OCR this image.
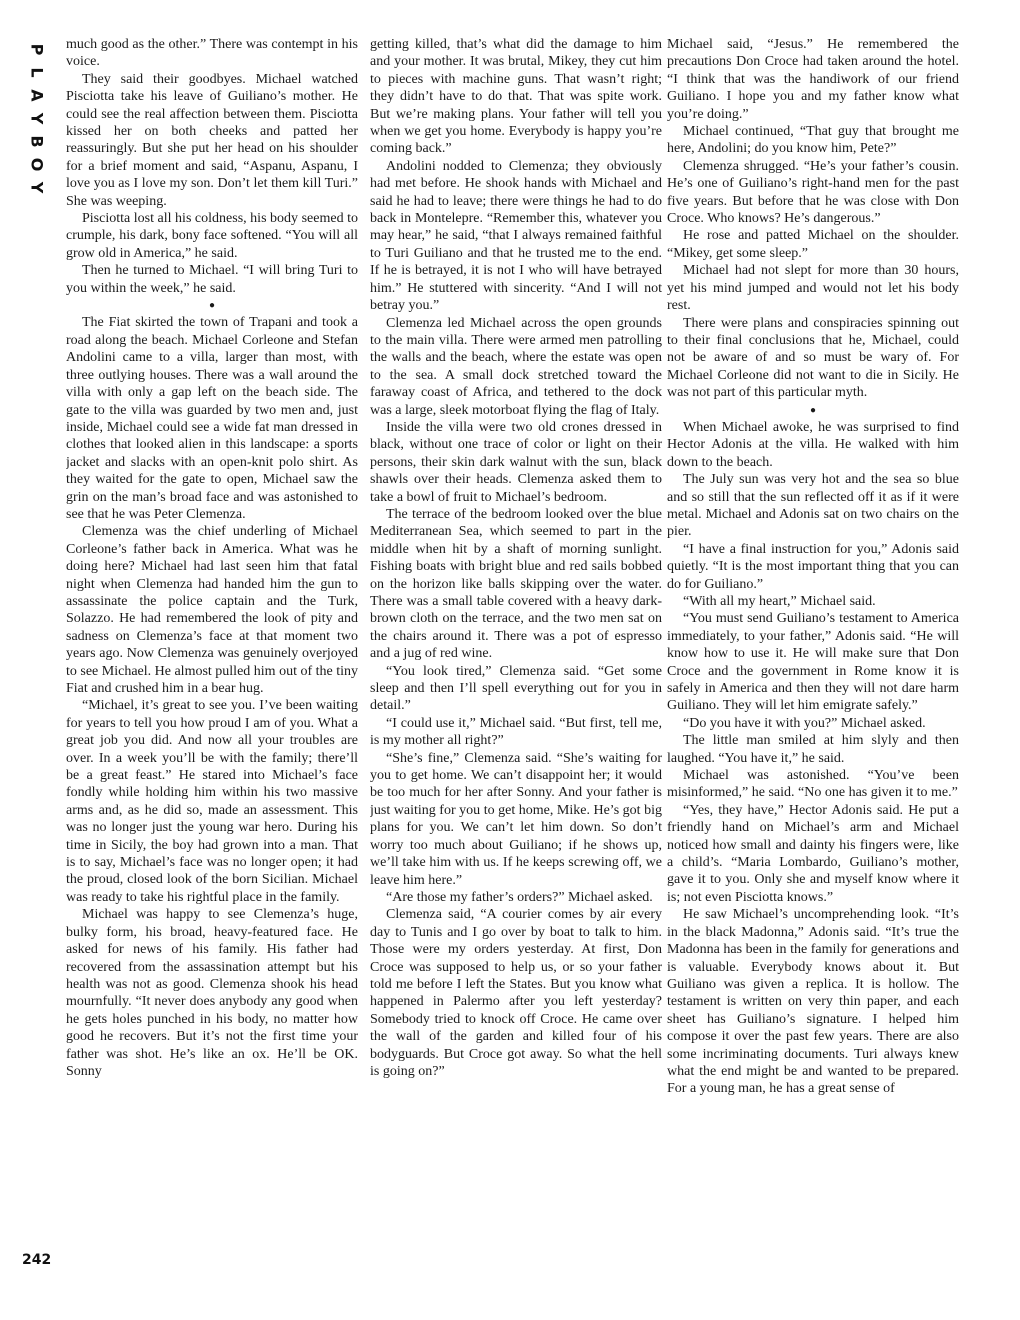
P
L
A
Y
B
O
Y
242

much good as the other.” There was contempt in his voice.

They said their goodbyes. Michael watched Pisciotta take his leave of Guiliano’s mother. He could see the real affection between them. Pisciotta kissed her on both cheeks and patted her reassuringly. But she put her head on his shoulder for a brief moment and said, “Aspanu, Aspanu, I love you as I love my son. Don’t let them kill Turi.” She was weeping.

Pisciotta lost all his coldness, his body seemed to crumple, his dark, bony face softened. “You will all grow old in America,” he said.

Then he turned to Michael. “I will bring Turi to you within the week,” he said.

●

The Fiat skirted the town of Trapani and took a road along the beach. Michael Corleone and Stefan Andolini came to a villa, larger than most, with three outlying houses. There was a wall around the villa with only a gap left on the beach side. The gate to the villa was guarded by two men and, just inside, Michael could see a wide fat man dressed in clothes that looked alien in this landscape: a sports jacket and slacks with an open-knit polo shirt. As they waited for the gate to open, Michael saw the grin on the man’s broad face and was astonished to see that he was Peter Clemenza.

Clemenza was the chief underling of Michael Corleone’s father back in America. What was he doing here? Michael had last seen him that fatal night when Clemenza had handed him the gun to assassinate the police captain and the Turk, Solazzo. He had remembered the look of pity and sadness on Clemenza’s face at that moment two years ago. Now Clemenza was genuinely overjoyed to see Michael. He almost pulled him out of the tiny Fiat and crushed him in a bear hug.

“Michael, it’s great to see you. I’ve been waiting for years to tell you how proud I am of you. What a great job you did. And now all your troubles are over. In a week you’ll be with the family; there’ll be a great feast.” He stared into Michael’s face fondly while holding him within his two massive arms and, as he did so, made an assessment. This was no longer just the young war hero. During his time in Sicily, the boy had grown into a man. That is to say, Michael’s face was no longer open; it had the proud, closed look of the born Sicilian. Michael was ready to take his rightful place in the family.

Michael was happy to see Clemenza’s huge, bulky form, his broad, heavy-featured face. He asked for news of his family. His father had recovered from the assassination attempt but his health was not as good. Clemenza shook his head mournfully. “It never does anybody any good when he gets holes punched in his body, no matter how good he recovers. But it’s not the first time your father was shot. He’s like an ox. He’ll be OK. Sonny

getting killed, that’s what did the damage to him and your mother. It was brutal, Mikey, they cut him to pieces with machine guns. That wasn’t right; they didn’t have to do that. That was spite work. But we’re making plans. Your father will tell you when we get you home. Everybody is happy you’re coming back.”

Andolini nodded to Clemenza; they obviously had met before. He shook hands with Michael and said he had to leave; there were things he had to do back in Montelepre. “Remember this, whatever you may hear,” he said, “that I always remained faithful to Turi Guiliano and that he trusted me to the end. If he is betrayed, it is not I who will have betrayed him.” He stuttered with sincerity. “And I will not betray you.”

Clemenza led Michael across the open grounds to the main villa. There were armed men patrolling the walls and the beach, where the estate was open to the sea. A small dock stretched toward the faraway coast of Africa, and tethered to the dock was a large, sleek motorboat flying the flag of Italy.

Inside the villa were two old crones dressed in black, without one trace of color or light on their persons, their skin dark walnut with the sun, black shawls over their heads. Clemenza asked them to take a bowl of fruit to Michael’s bedroom.

The terrace of the bedroom looked over the blue Mediterranean Sea, which seemed to part in the middle when hit by a shaft of morning sunlight. Fishing boats with bright blue and red sails bobbed on the horizon like balls skipping over the water. There was a small table covered with a heavy dark-brown cloth on the terrace, and the two men sat on the chairs around it. There was a pot of espresso and a jug of red wine.

“You look tired,” Clemenza said. “Get some sleep and then I’ll spell everything out for you in detail.”

“I could use it,” Michael said. “But first, tell me, is my mother all right?”

“She’s fine,” Clemenza said. “She’s waiting for you to get home. We can’t disappoint her; it would be too much for her after Sonny. And your father is just waiting for you to get home, Mike. He’s got big plans for you. We can’t let him down. So don’t worry too much about Guiliano; if he shows up, we’ll take him with us. If he keeps screwing off, we leave him here.”

“Are those my father’s orders?” Michael asked.

Clemenza said, “A courier comes by air every day to Tunis and I go over by boat to talk to him. Those were my orders yesterday. At first, Don Croce was supposed to help us, or so your father told me before I left the States. But you know what happened in Palermo after you left yesterday? Somebody tried to knock off Croce. He came over the wall of the garden and killed four of his bodyguards. But Croce got away. So what the hell is going on?”

Michael said, “Jesus.” He remembered the precautions Don Croce had taken around the hotel. “I think that was the handiwork of our friend Guiliano. I hope you and my father know what you’re doing.”

Michael continued, “That guy that brought me here, Andolini; do you know him, Pete?”

Clemenza shrugged. “He’s your father’s cousin. He’s one of Guiliano’s right-hand men for the past five years. But before that he was close with Don Croce. Who knows? He’s dangerous.”

He rose and patted Michael on the shoulder. “Mikey, get some sleep.”

Michael had not slept for more than 30 hours, yet his mind jumped and would not let his body rest.

There were plans and conspiracies spinning out to their final conclusions that he, Michael, could not be aware of and so must be wary of. For Michael Corleone did not want to die in Sicily. He was not part of this particular myth.

●

When Michael awoke, he was surprised to find Hector Adonis at the villa. He walked with him down to the beach.

The July sun was very hot and the sea so blue and so still that the sun reflected off it as if it were metal. Michael and Adonis sat on two chairs on the pier.

“I have a final instruction for you,” Adonis said quietly. “It is the most important thing that you can do for Guiliano.”

“With all my heart,” Michael said.

“You must send Guiliano’s testament to America immediately, to your father,” Adonis said. “He will know how to use it. He will make sure that Don Croce and the government in Rome know it is safely in America and then they will not dare harm Guiliano. They will let him emigrate safely.”

“Do you have it with you?” Michael asked.

The little man smiled at him slyly and then laughed. “You have it,” he said.

Michael was astonished. “You’ve been misinformed,” he said. “No one has given it to me.”

“Yes, they have,” Hector Adonis said. He put a friendly hand on Michael’s arm and Michael noticed how small and dainty his fingers were, like a child’s. “Maria Lombardo, Guiliano’s mother, gave it to you. Only she and myself know where it is; not even Pisciotta knows.”

He saw Michael’s uncomprehending look. “It’s in the black Madonna,” Adonis said. “It’s true the Madonna has been in the family for generations and is valuable. Everybody knows about it. But Guiliano was given a replica. It is hollow. The testament is written on very thin paper, and each sheet has Guiliano’s signature. I helped him compose it over the past few years. There are also some incriminating documents. Turi always knew what the end might be and wanted to be prepared. For a young man, he has a great sense of
